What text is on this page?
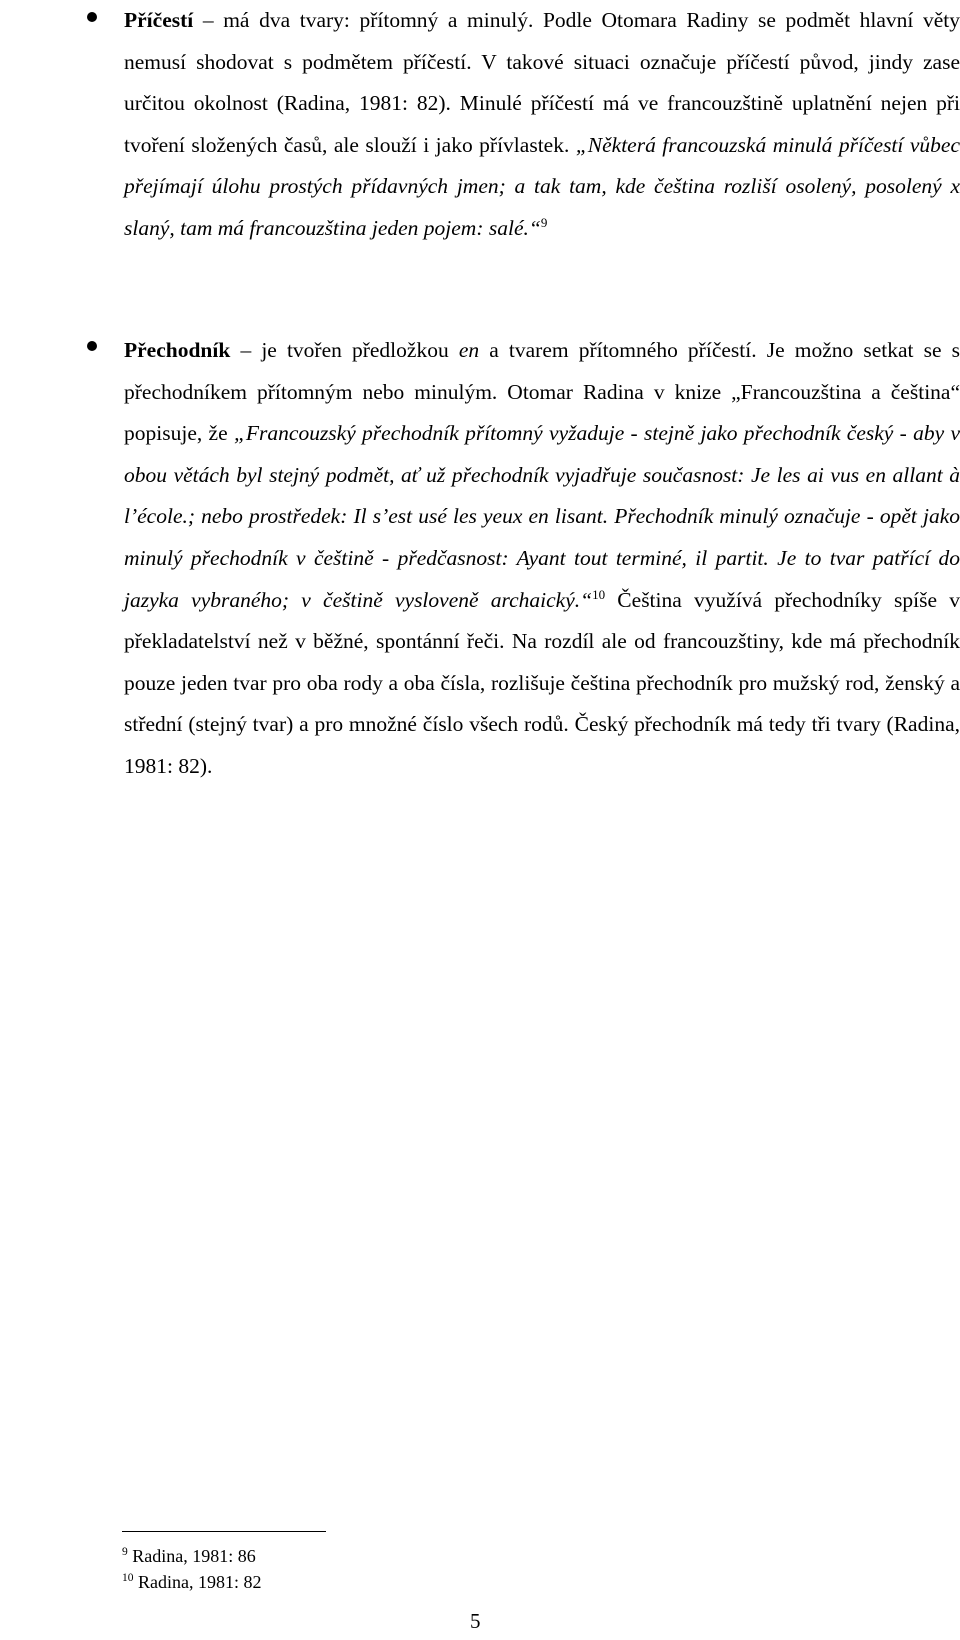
Příčestí – má dva tvary: přítomný a minulý. Podle Otomara Radiny se podmět hlavní věty nemusí shodovat s podmětem příčestí. V takové situaci označuje příčestí původ, jindy zase určitou okolnost (Radina, 1981: 82). Minulé příčestí má ve francouzštině uplatnění nejen při tvoření složených časů, ale slouží i jako přívlastek. „Některá francouzská minulá příčestí vůbec přejímají úlohu prostých přídavných jmen; a tak tam, kde čeština rozliší osolený, posolený x slaný, tam má francouzština jeden pojem: salé.“$^9$

Přechodník – je tvořen předložkou en a tvarem přítomného příčestí. Je možno setkat se s přechodníkem přítomným nebo minulým. Otomar Radina v knize „Francouzština a čeština“ popisuje, že „Francouzský přechodník přítomný vyžaduje - stejně jako přechodník český - aby v obou větách byl stejný podmět, ať už přechodník vyjadřuje současnost: Je les ai vus en allant à l’école.; nebo prostředek: Il s’est usé les yeux en lisant. Přechodník minulý označuje - opět jako minulý přechodník v češtině - předčasnost: Ayant tout terminé, il partit. Je to tvar patřící do jazyka vybraného; v češtině vysloveně archaický.“$^{10}$ Čeština využívá přechodníky spíše v překladatelství než v běžné, spontánní řeči. Na rozdíl ale od francouzštiny, kde má přechodník pouze jeden tvar pro oba rody a oba čísla, rozlišuje čeština přechodník pro mužský rod, ženský a střední (stejný tvar) a pro množné číslo všech rodů. Český přechodník má tedy tři tvary (Radina, 1981: 82).

$^9$ Radina, 1981: 86

$^{10}$ Radina, 1981: 82

5
